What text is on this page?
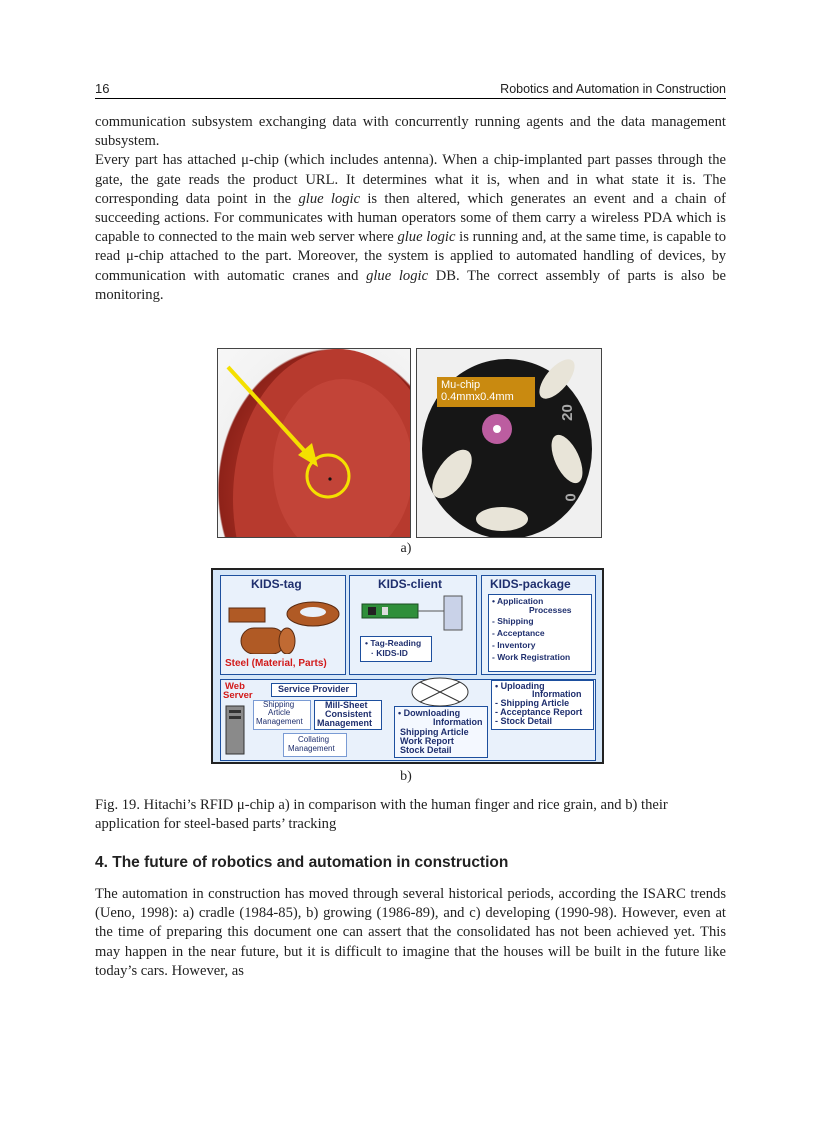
16	Robotics and Automation in Construction

communication subsystem exchanging data with concurrently running agents and the data management subsystem.

Every part has attached μ-chip (which includes antenna). When a chip-implanted part passes through the gate, the gate reads the product URL. It determines what it is, when and in what state it is. The corresponding data point in the glue logic is then altered, which generates an event and a chain of succeeding actions. For communicates with human operators some of them carry a wireless PDA which is capable to connected to the main web server where glue logic is running and, at the same time, is capable to read μ-chip attached to the part. Moreover, the system is applied to automated handling of devices, by communication with automatic cranes and glue logic DB. The correct assembly of parts is also be monitoring.

Mu-chip
0.4mmx0.4mm
20
0
a)
KIDS-tag
Steel (Material, Parts)
KIDS-client
• Tag-Reading
· KIDS-ID
KIDS-package
• Application
Processes
- Shipping
- Acceptance
- Inventory
- Work Registration
Web
Server
Service Provider
Shipping
Article
Management
Mill-Sheet
Consistent
Management
Collating
Management
• Downloading
Information
Shipping Article
Work Report
Stock Detail
• Uploading
Information
- Shipping Article
- Acceptance Report
- Stock Detail
b)
Fig. 19. Hitachi’s RFID μ-chip a) in comparison with the human finger and rice grain, and b) their application for steel-based parts’ tracking
4. The future of robotics and automation in construction

The automation in construction has moved through several historical periods, according the ISARC trends (Ueno, 1998): a) cradle (1984-85), b) growing (1986-89), and c) developing (1990-98). However, even at the time of preparing this document one can assert that the consolidated has not been achieved yet. This may happen in the near future, but it is difficult to imagine that the houses will be built in the future like today’s cars. However, as
